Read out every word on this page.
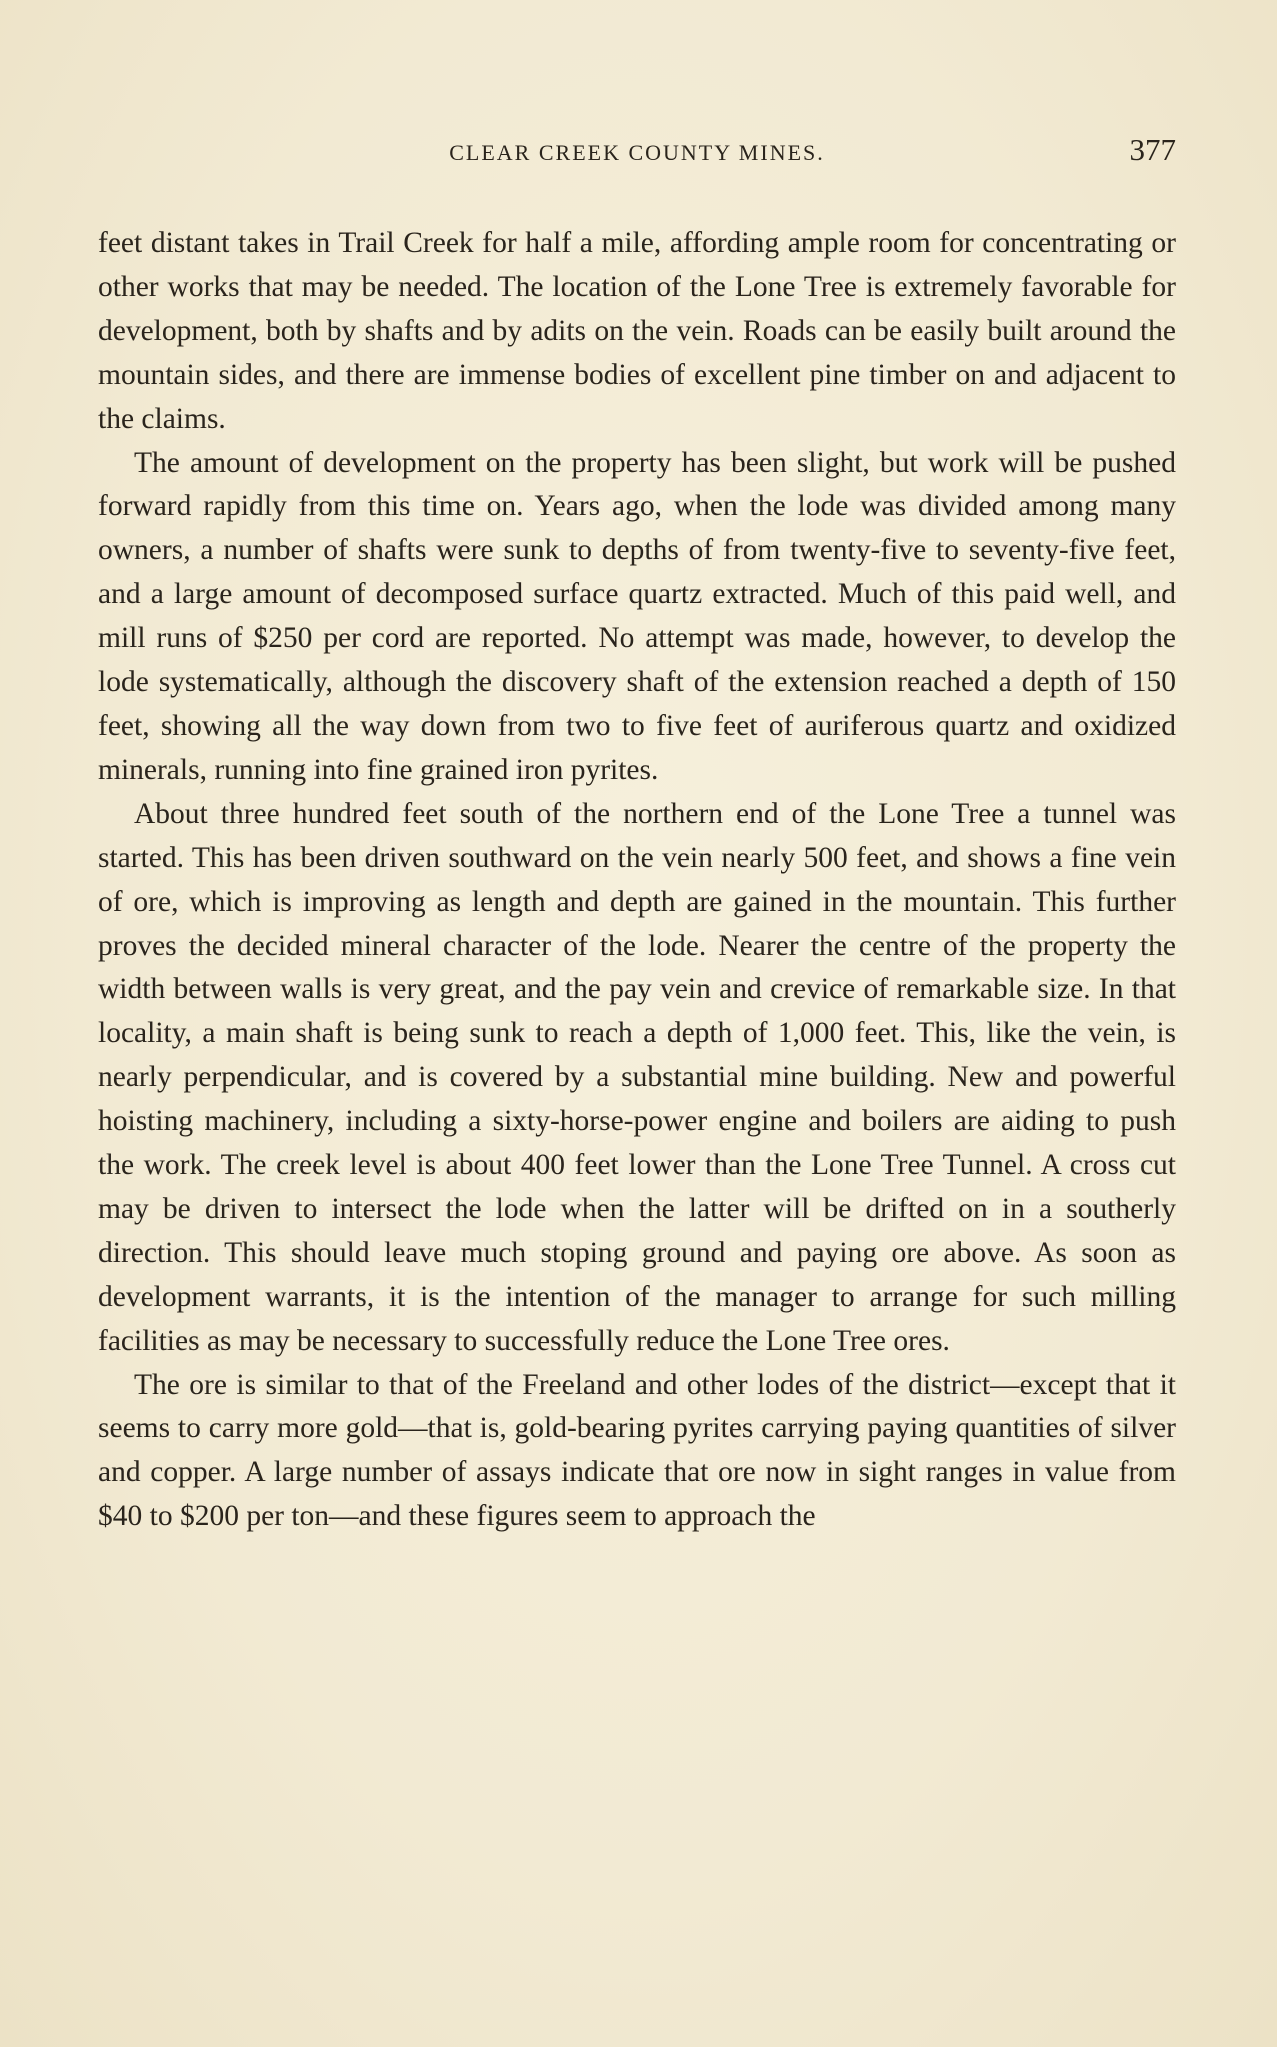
CLEAR CREEK COUNTY MINES.	377

feet distant takes in Trail Creek for half a mile, affording ample room for concentrating or other works that may be needed. The location of the Lone Tree is extremely favorable for development, both by shafts and by adits on the vein. Roads can be easily built around the mountain sides, and there are immense bodies of excellent pine timber on and adjacent to the claims.

The amount of development on the property has been slight, but work will be pushed forward rapidly from this time on. Years ago, when the lode was divided among many owners, a number of shafts were sunk to depths of from twenty-five to seventy-five feet, and a large amount of decomposed surface quartz extracted. Much of this paid well, and mill runs of $250 per cord are reported. No attempt was made, however, to develop the lode systematically, although the discovery shaft of the extension reached a depth of 150 feet, showing all the way down from two to five feet of auriferous quartz and oxidized minerals, running into fine grained iron pyrites.

About three hundred feet south of the northern end of the Lone Tree a tunnel was started. This has been driven southward on the vein nearly 500 feet, and shows a fine vein of ore, which is improving as length and depth are gained in the mountain. This further proves the decided mineral character of the lode. Nearer the centre of the property the width between walls is very great, and the pay vein and crevice of remarkable size. In that locality, a main shaft is being sunk to reach a depth of 1,000 feet. This, like the vein, is nearly perpendicular, and is covered by a substantial mine building. New and powerful hoisting machinery, including a sixty-horse-power engine and boilers are aiding to push the work. The creek level is about 400 feet lower than the Lone Tree Tunnel. A cross cut may be driven to intersect the lode when the latter will be drifted on in a southerly direction. This should leave much stoping ground and paying ore above. As soon as development warrants, it is the intention of the manager to arrange for such milling facilities as may be necessary to successfully reduce the Lone Tree ores.

The ore is similar to that of the Freeland and other lodes of the district—except that it seems to carry more gold—that is, gold-bearing pyrites carrying paying quantities of silver and copper. A large number of assays indicate that ore now in sight ranges in value from $40 to $200 per ton—and these figures seem to approach the
